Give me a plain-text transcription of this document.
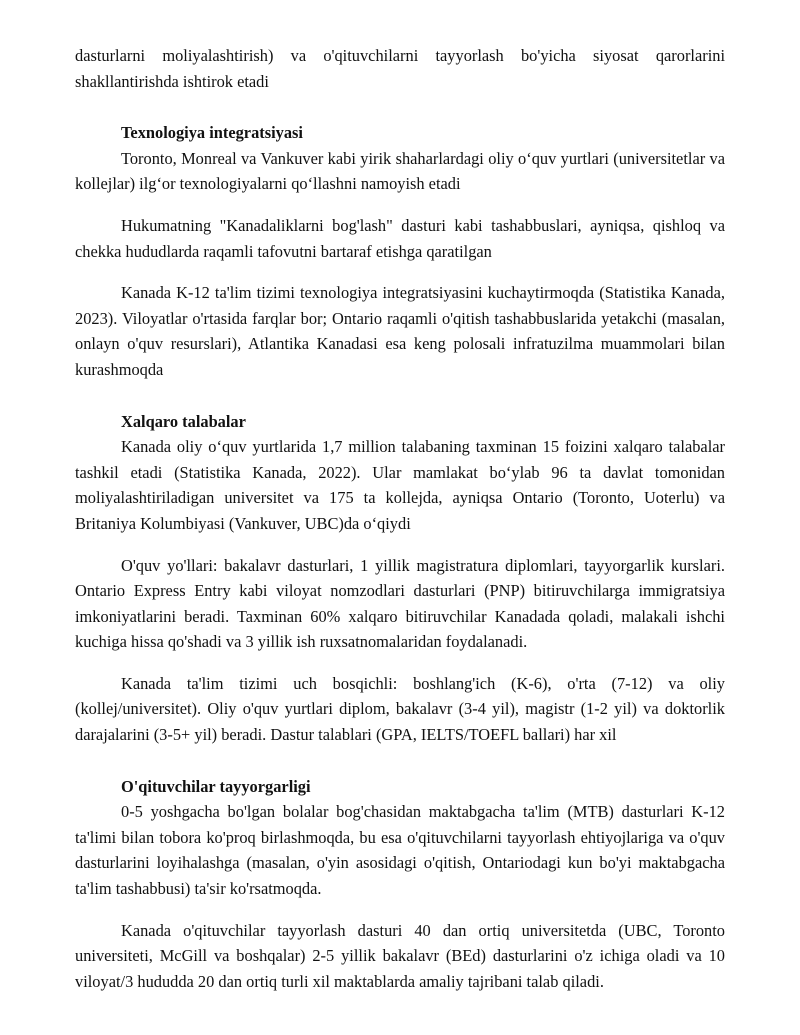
dasturlarni moliyalashtirish) va o'qituvchilarni tayyorlash bo'yicha siyosat qarorlarini shakllantirishda ishtirok etadi

Texnologiya integratsiyasi

Toronto, Monreal va Vankuver kabi yirik shaharlardagi oliy o‘quv yurtlari (universitetlar va kollejlar) ilg‘or texnologiyalarni qo‘llashni namoyish etadi

Hukumatning "Kanadaliklarni bog'lash" dasturi kabi tashabbuslari, ayniqsa, qishloq va chekka hududlarda raqamli tafovutni bartaraf etishga qaratilgan

Kanada K-12 ta'lim tizimi texnologiya integratsiyasini kuchaytirmoqda (Statistika Kanada, 2023). Viloyatlar o'rtasida farqlar bor; Ontario raqamli o'qitish tashabbuslarida yetakchi (masalan, onlayn o'quv resurslari), Atlantika Kanadasi esa keng polosali infratuzilma muammolari bilan kurashmoqda

Xalqaro talabalar

Kanada oliy o‘quv yurtlarida 1,7 million talabaning taxminan 15 foizini xalqaro talabalar tashkil etadi (Statistika Kanada, 2022). Ular mamlakat bo‘ylab 96 ta davlat tomonidan moliyalashtiriladigan universitet va 175 ta kollejda, ayniqsa Ontario (Toronto, Uoterlu) va Britaniya Kolumbiyasi (Vankuver, UBC)da o‘qiydi

O'quv yo'llari: bakalavr dasturlari, 1 yillik magistratura diplomlari, tayyorgarlik kurslari. Ontario Express Entry kabi viloyat nomzodlari dasturlari (PNP) bitiruvchilarga immigratsiya imkoniyatlarini beradi. Taxminan 60% xalqaro bitiruvchilar Kanadada qoladi, malakali ishchi kuchiga hissa qo'shadi va 3 yillik ish ruxsatnomalaridan foydalanadi.

Kanada ta'lim tizimi uch bosqichli: boshlang'ich (K-6), o'rta (7-12) va oliy (kollej/universitet). Oliy o'quv yurtlari diplom, bakalavr (3-4 yil), magistr (1-2 yil) va doktorlik darajalarini (3-5+ yil) beradi. Dastur talablari (GPA, IELTS/TOEFL ballari) har xil

O'qituvchilar tayyorgarligi

0-5 yoshgacha bo'lgan bolalar bog'chasidan maktabgacha ta'lim (MTB) dasturlari K-12 ta'limi bilan tobora ko'proq birlashmoqda, bu esa o'qituvchilarni tayyorlash ehtiyojlariga va o'quv dasturlarini loyihalashga (masalan, o'yin asosidagi o'qitish, Ontariodagi kun bo'yi maktabgacha ta'lim tashabbusi) ta'sir ko'rsatmoqda.

Kanada o'qituvchilar tayyorlash dasturi 40 dan ortiq universitetda (UBC, Toronto universiteti, McGill va boshqalar) 2-5 yillik bakalavr (BEd) dasturlarini o'z ichiga oladi va 10 viloyat/3 hududda 20 dan ortiq turli xil maktablarda amaliy tajribani talab qiladi.
